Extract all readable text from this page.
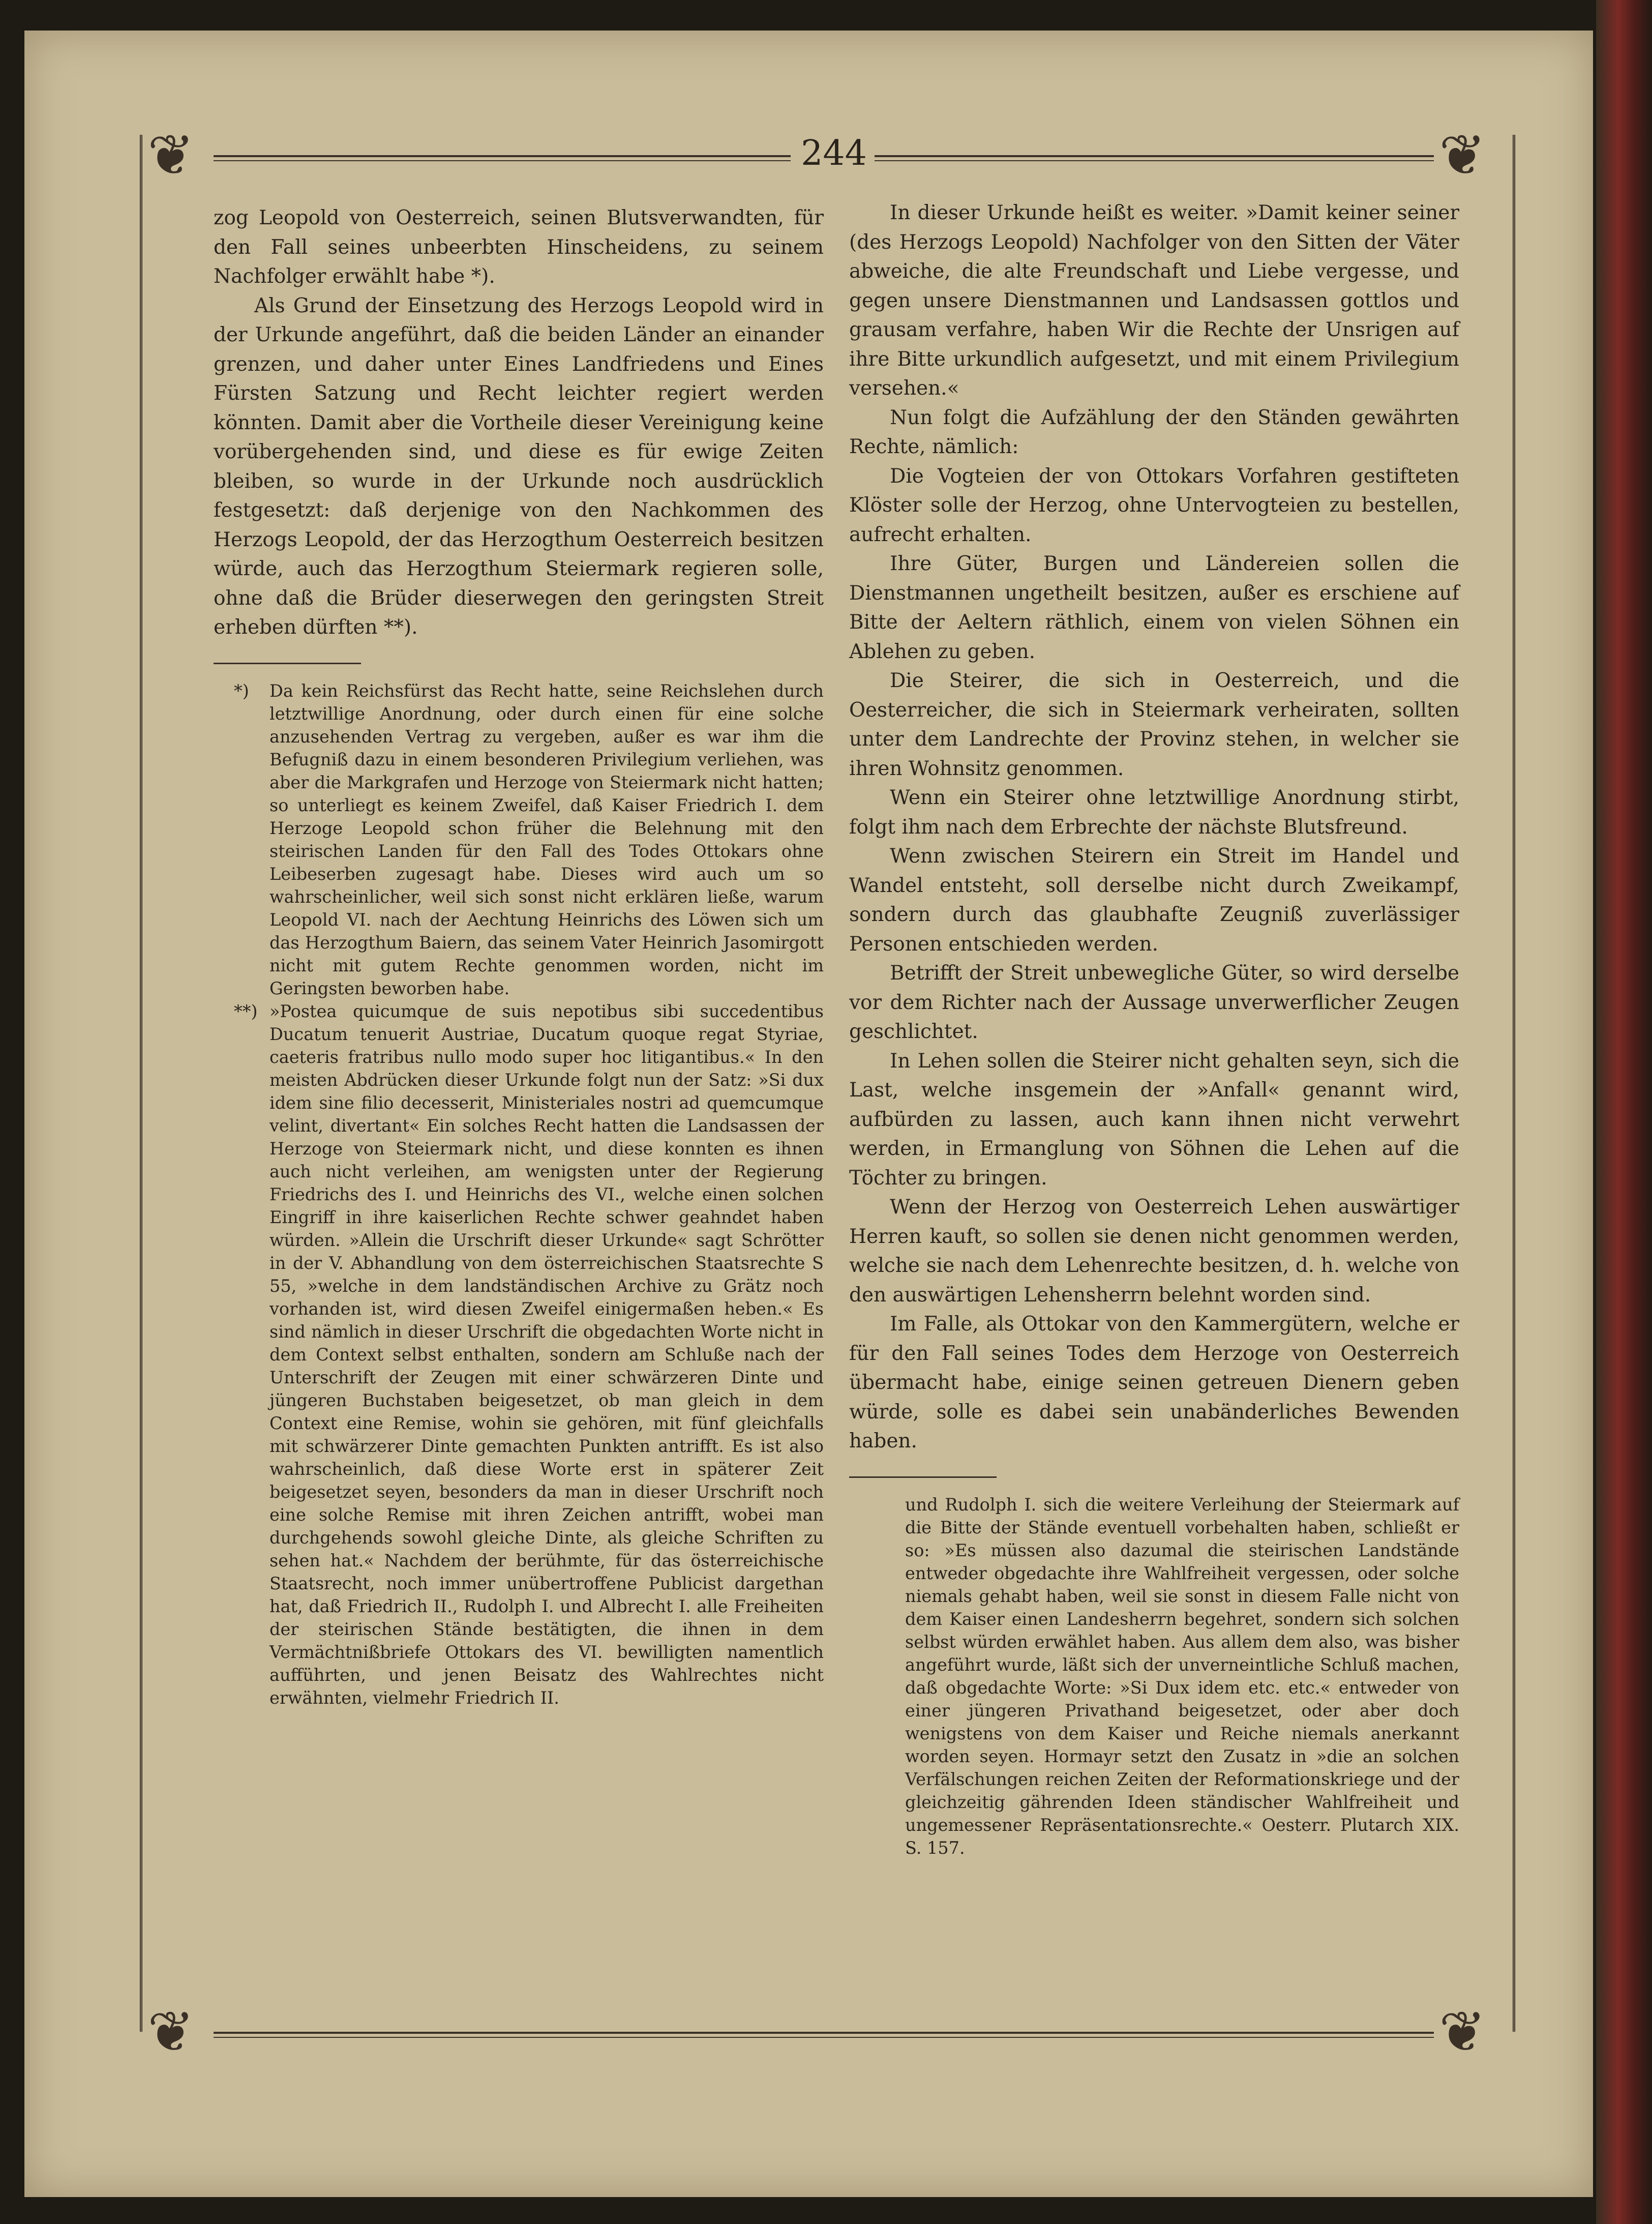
❦	❦
❦	❦
244

zog Leopold von Oesterreich, seinen Blutsverwandten, für den Fall seines unbeerbten Hinscheidens, zu seinem Nachfolger erwählt habe *).

Als Grund der Einsetzung des Herzogs Leopold wird in der Urkunde angeführt, daß die beiden Länder an einander grenzen, und daher unter Eines Landfriedens und Eines Fürsten Satzung und Recht leichter regiert werden könnten. Damit aber die Vortheile dieser Vereinigung keine vorübergehenden sind, und diese es für ewige Zeiten bleiben, so wurde in der Urkunde noch ausdrücklich festgesetzt: daß derjenige von den Nachkommen des Herzogs Leopold, der das Herzogthum Oesterreich besitzen würde, auch das Herzogthum Steiermark regieren solle, ohne daß die Brüder dieserwegen den geringsten Streit erheben dürften **).

*) Da kein Reichsfürst das Recht hatte, seine Reichslehen durch letztwillige Anordnung, oder durch einen für eine solche anzusehenden Vertrag zu vergeben, außer es war ihm die Befugniß dazu in einem besonderen Privilegium verliehen, was aber die Markgrafen und Herzoge von Steiermark nicht hatten; so unterliegt es keinem Zweifel, daß Kaiser Friedrich I. dem Herzoge Leopold schon früher die Belehnung mit den steirischen Landen für den Fall des Todes Ottokars ohne Leibeserben zugesagt habe. Dieses wird auch um so wahrscheinlicher, weil sich sonst nicht erklären ließe, warum Leopold VI. nach der Aechtung Heinrichs des Löwen sich um das Herzogthum Baiern, das seinem Vater Heinrich Jasomirgott nicht mit gutem Rechte genommen worden, nicht im Geringsten beworben habe.

**) »Postea quicumque de suis nepotibus sibi succedentibus Ducatum tenuerit Austriae, Ducatum quoque regat Styriae, caeteris fratribus nullo modo super hoc litigantibus.« In den meisten Abdrücken dieser Urkunde folgt nun der Satz: »Si dux idem sine filio decesserit, Ministeriales nostri ad quemcumque velint, divertant« Ein solches Recht hatten die Landsassen der Herzoge von Steiermark nicht, und diese konnten es ihnen auch nicht verleihen, am wenigsten unter der Regierung Friedrichs des I. und Heinrichs des VI., welche einen solchen Eingriff in ihre kaiserlichen Rechte schwer geahndet haben würden. »Allein die Urschrift dieser Urkunde« sagt Schrötter in der V. Abhandlung von dem österreichischen Staatsrechte S 55, »welche in dem landständischen Archive zu Grätz noch vorhanden ist, wird diesen Zweifel einigermaßen heben.« Es sind nämlich in dieser Urschrift die obgedachten Worte nicht in dem Context selbst enthalten, sondern am Schluße nach der Unterschrift der Zeugen mit einer schwärzeren Dinte und jüngeren Buchstaben beigesetzet, ob man gleich in dem Context eine Remise, wohin sie gehören, mit fünf gleichfalls mit schwärzerer Dinte gemachten Punkten antrifft. Es ist also wahrscheinlich, daß diese Worte erst in späterer Zeit beigesetzet seyen, besonders da man in dieser Urschrift noch eine solche Remise mit ihren Zeichen antrifft, wobei man durchgehends sowohl gleiche Dinte, als gleiche Schriften zu sehen hat.« Nachdem der berühmte, für das österreichische Staatsrecht, noch immer unübertroffene Publicist dargethan hat, daß Friedrich II., Rudolph I. und Albrecht I. alle Freiheiten der steirischen Stände bestätigten, die ihnen in dem Vermächtnißbriefe Ottokars des VI. bewilligten namentlich aufführten, und jenen Beisatz des Wahlrechtes nicht erwähnten, vielmehr Friedrich II.

In dieser Urkunde heißt es weiter. »Damit keiner seiner (des Herzogs Leopold) Nachfolger von den Sitten der Väter abweiche, die alte Freundschaft und Liebe vergesse, und gegen unsere Dienstmannen und Landsassen gottlos und grausam verfahre, haben Wir die Rechte der Unsrigen auf ihre Bitte urkundlich aufgesetzt, und mit einem Privilegium versehen.«

Nun folgt die Aufzählung der den Ständen gewährten Rechte, nämlich:

Die Vogteien der von Ottokars Vorfahren gestifteten Klöster solle der Herzog, ohne Untervogteien zu bestellen, aufrecht erhalten.

Ihre Güter, Burgen und Ländereien sollen die Dienstmannen ungetheilt besitzen, außer es erschiene auf Bitte der Aeltern räthlich, einem von vielen Söhnen ein Ablehen zu geben.

Die Steirer, die sich in Oesterreich, und die Oesterreicher, die sich in Steiermark verheiraten, sollten unter dem Landrechte der Provinz stehen, in welcher sie ihren Wohnsitz genommen.

Wenn ein Steirer ohne letztwillige Anordnung stirbt, folgt ihm nach dem Erbrechte der nächste Blutsfreund.

Wenn zwischen Steirern ein Streit im Handel und Wandel entsteht, soll derselbe nicht durch Zweikampf, sondern durch das glaubhafte Zeugniß zuverlässiger Personen entschieden werden.

Betrifft der Streit unbewegliche Güter, so wird derselbe vor dem Richter nach der Aussage unverwerflicher Zeugen geschlichtet.

In Lehen sollen die Steirer nicht gehalten seyn, sich die Last, welche insgemein der »Anfall« genannt wird, aufbürden zu lassen, auch kann ihnen nicht verwehrt werden, in Ermanglung von Söhnen die Lehen auf die Töchter zu bringen.

Wenn der Herzog von Oesterreich Lehen auswärtiger Herren kauft, so sollen sie denen nicht genommen werden, welche sie nach dem Lehenrechte besitzen, d. h. welche von den auswärtigen Lehensherrn belehnt worden sind.

Im Falle, als Ottokar von den Kammergütern, welche er für den Fall seines Todes dem Herzoge von Oesterreich übermacht habe, einige seinen getreuen Dienern geben würde, solle es dabei sein unabänderliches Bewenden haben.

und Rudolph I. sich die weitere Verleihung der Steiermark auf die Bitte der Stände eventuell vorbehalten haben, schließt er so: »Es müssen also dazumal die steirischen Landstände entweder obgedachte ihre Wahlfreiheit vergessen, oder solche niemals gehabt haben, weil sie sonst in diesem Falle nicht von dem Kaiser einen Landesherrn begehret, sondern sich solchen selbst würden erwählet haben. Aus allem dem also, was bisher angeführt wurde, läßt sich der unverneintliche Schluß machen, daß obgedachte Worte: »Si Dux idem etc. etc.« entweder von einer jüngeren Privathand beigesetzet, oder aber doch wenigstens von dem Kaiser und Reiche niemals anerkannt worden seyen. Hormayr setzt den Zusatz in »die an solchen Verfälschungen reichen Zeiten der Reformationskriege und der gleichzeitig gährenden Ideen ständischer Wahlfreiheit und ungemessener Repräsentationsrechte.« Oesterr. Plutarch XIX. S. 157.
